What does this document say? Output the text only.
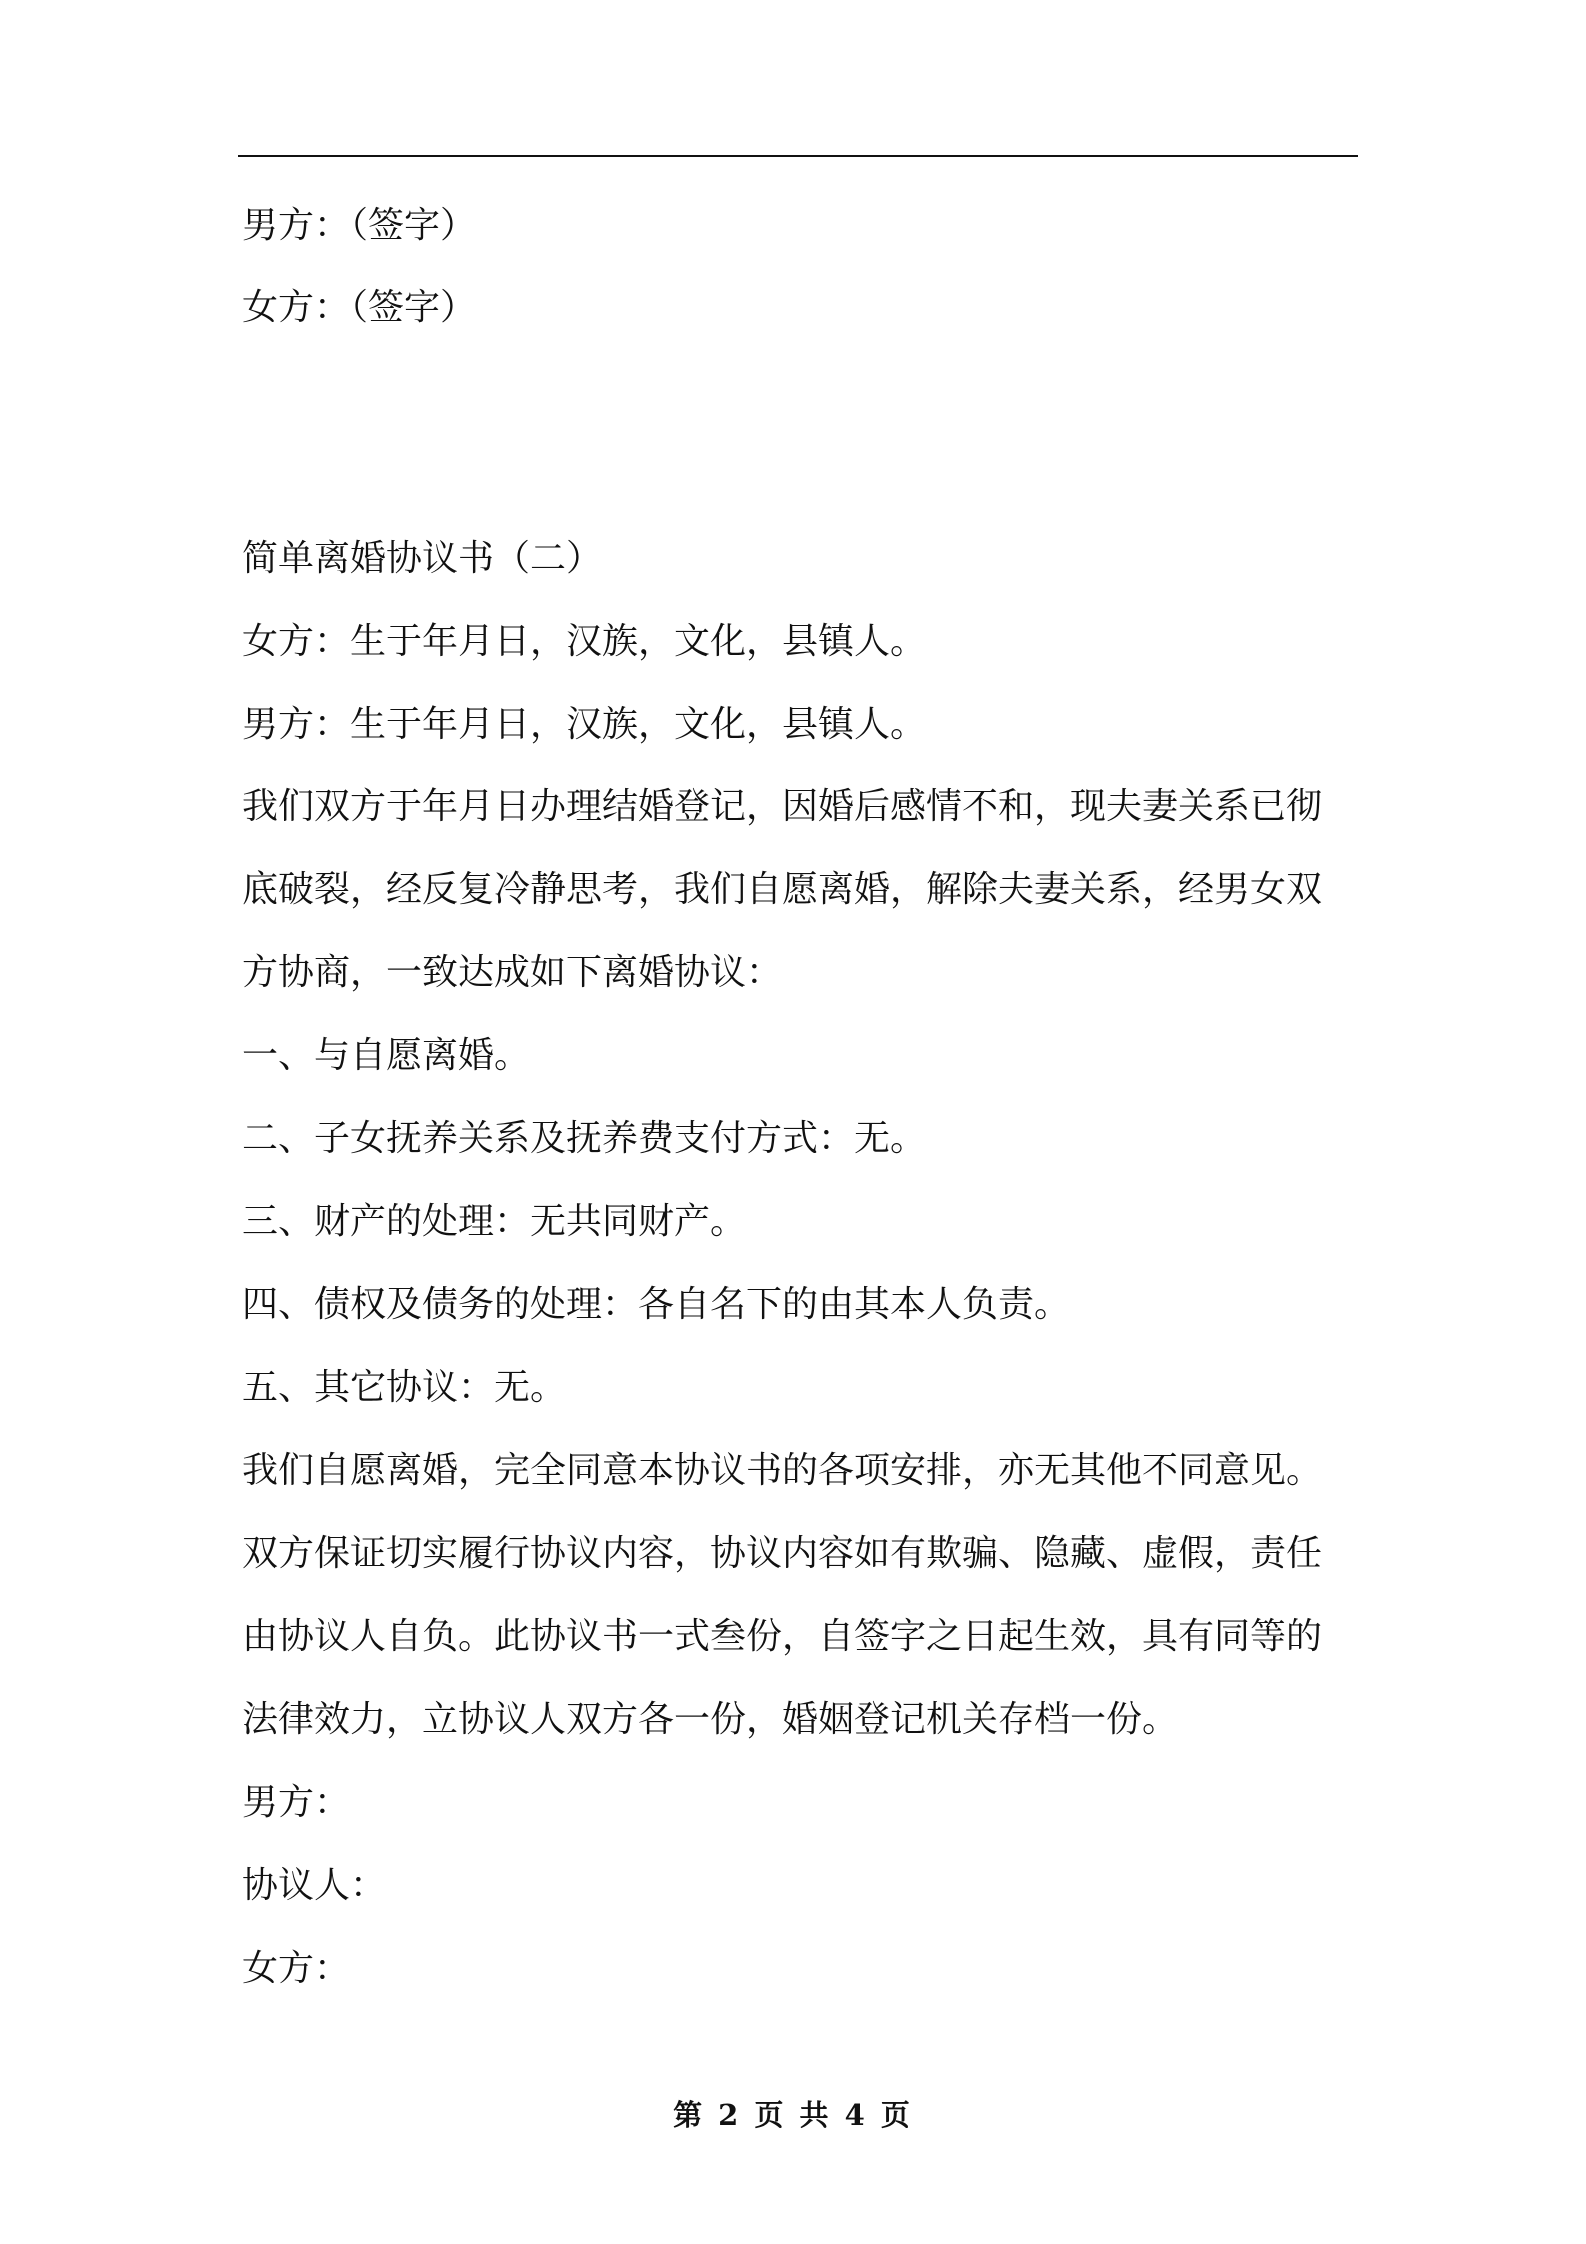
男方：（签字）
女方：（签字）
简单离婚协议书（二）
女方：生于年月日，汉族，文化，县镇人。
男方：生于年月日，汉族，文化，县镇人。
我们双方于年月日办理结婚登记，因婚后感情不和，现夫妻关系已彻
底破裂，经反复冷静思考，我们自愿离婚，解除夫妻关系，经男女双
方协商，一致达成如下离婚协议：
一、与自愿离婚。
二、子女抚养关系及抚养费支付方式：无。
三、财产的处理：无共同财产。
四、债权及债务的处理：各自名下的由其本人负责。
五、其它协议：无。
我们自愿离婚，完全同意本协议书的各项安排，亦无其他不同意见。
双方保证切实履行协议内容，协议内容如有欺骗、隐藏、虚假，责任
由协议人自负。此协议书一式叁份，自签字之日起生效，具有同等的
法律效力，立协议人双方各一份，婚姻登记机关存档一份。
男方：
协议人：
女方：
第 2 页 共 4 页
